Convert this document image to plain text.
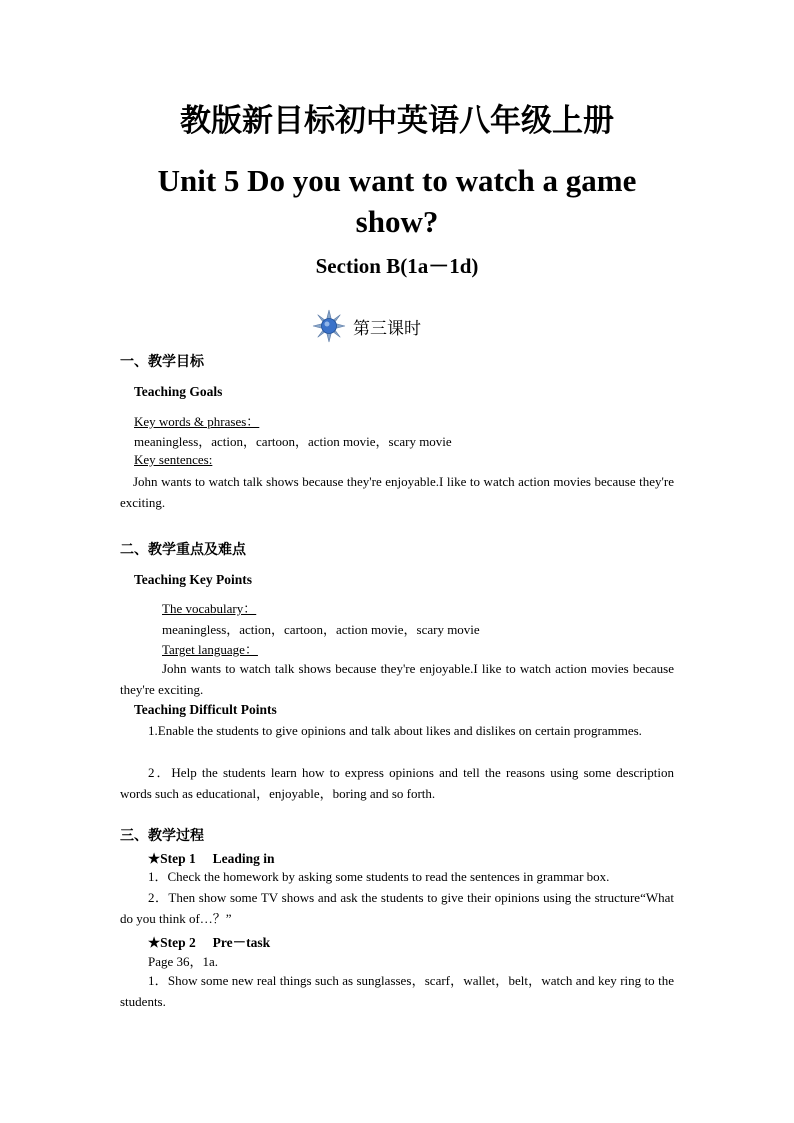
教版新目标初中英语八年级上册
Unit 5 Do you want to watch a game show?
Section B(1a－1d)
第三课时
一、教学目标
Teaching Goals
Key words & phrases：
meaningless，action，cartoon，action movie，scary movie
Key sentences:
John wants to watch talk shows because they're enjoyable.I like to watch action movies because they're exciting.
二、教学重点及难点
Teaching Key Points
The vocabulary：
meaningless，action，cartoon，action movie，scary movie
Target language：
John wants to watch talk shows because they're enjoyable.I like to watch action movies because they're exciting.
Teaching Difficult Points
1.Enable the students to give opinions and talk about likes and dislikes on certain programmes.
2．Help the students learn how to express opinions and tell the reasons using some description words such as educational，enjoyable，boring and so forth.
三、教学过程
★Step 1　 Leading in
1．Check the homework by asking some students to read the sentences in grammar box.
2．Then show some TV shows and ask the students to give their opinions using the structure“What do you think of…？”
★Step 2　 Pre－task
Page 36，1a.
1．Show some new real things such as sunglasses，scarf，wallet，belt，watch and key ring to the students.
